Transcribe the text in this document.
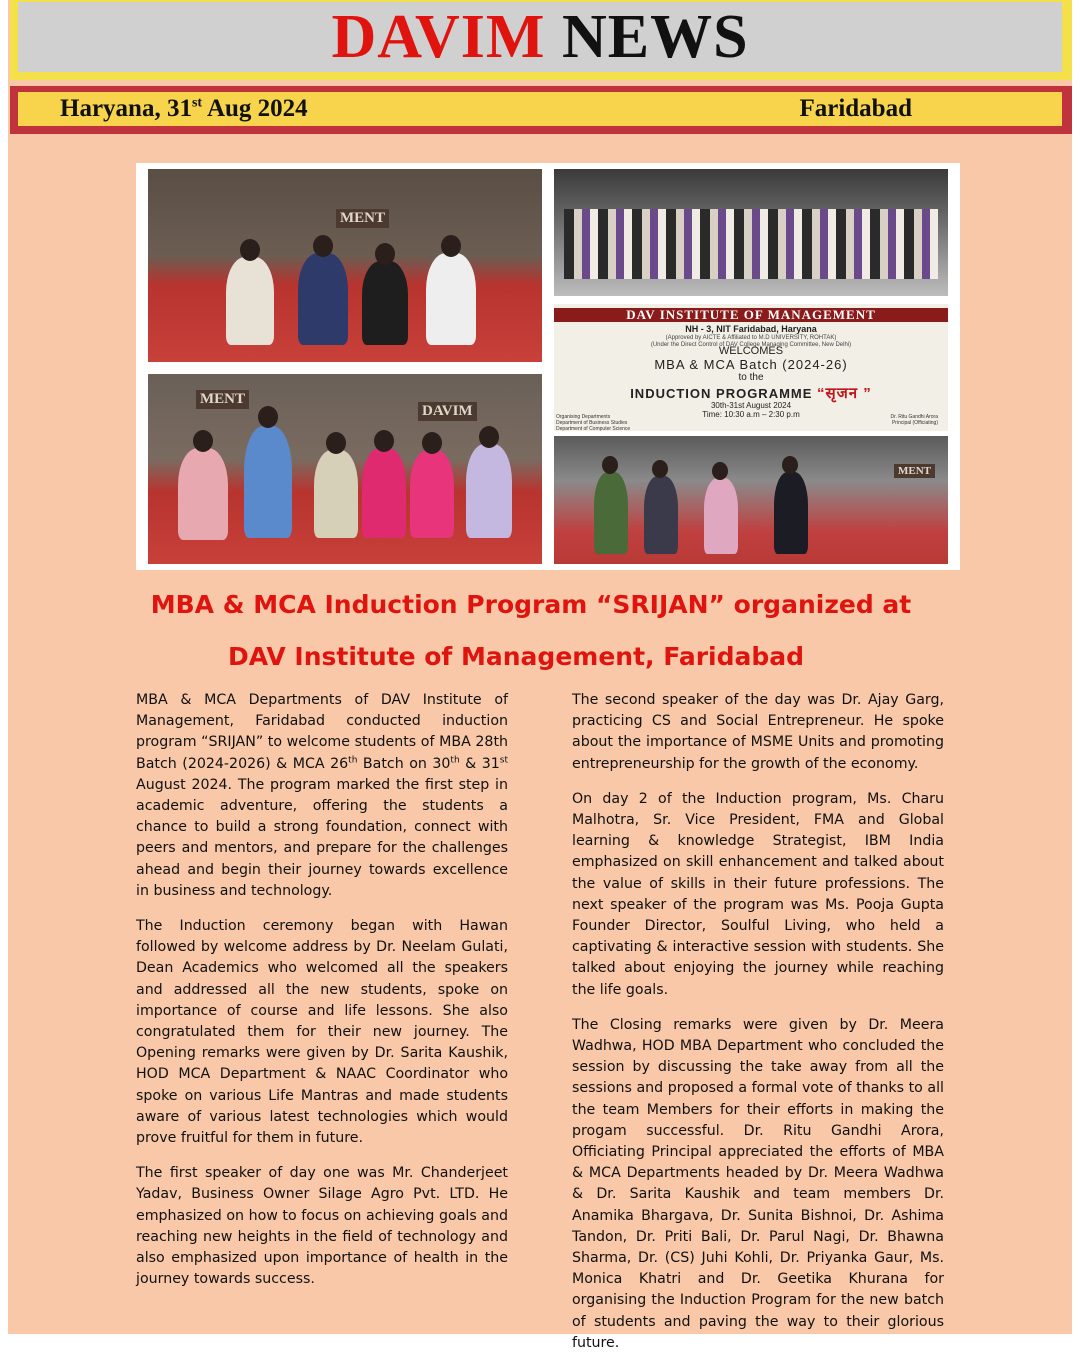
DAVIM NEWS
Haryana, 31st Aug 2024	Faridabad
MENT
DAV INSTITUTE OF MANAGEMENT
NH - 3, NIT Faridabad, Haryana
(Approved by AICTE & Affiliated to M.D UNIVERSITY, ROHTAK)
(Under the Direct Control of DAV College Managing Committee, New Delhi)
WELCOMES
MBA & MCA Batch (2024-26)
to the
INDUCTION PROGRAMME “सृजन ”
30th-31st August 2024
Time: 10:30 a.m – 2:30 p.m
Organising Departments
Department of Business Studies
Department of Computer Science
Dr. Ritu Gandhi Arora
Principal (Officiating)
MENT
DAVIM
MENT
MBA & MCA Induction Program “SRIJAN” organized at
DAV Institute of Management, Faridabad

MBA & MCA Departments of DAV Institute of Management, Faridabad conducted induction program “SRIJAN” to welcome students of MBA 28th Batch (2024-2026) & MCA 26th Batch on 30th & 31st August 2024. The program marked the first step in academic adventure, offering the students a chance to build a strong foundation, connect with peers and mentors, and prepare for the challenges ahead and begin their journey towards excellence in business and technology.

The Induction ceremony began with Hawan followed by welcome address by Dr. Neelam Gulati, Dean Academics who welcomed all the speakers and addressed all the new students, spoke on importance of course and life lessons. She also congratulated them for their new journey. The Opening remarks were given by Dr. Sarita Kaushik, HOD MCA Department & NAAC Coordinator who spoke on various Life Mantras and made students aware of various latest technologies which would prove fruitful for them in future.

The first speaker of day one was Mr. Chanderjeet Yadav, Business Owner Silage Agro Pvt. LTD. He emphasized on how to focus on achieving goals and reaching new heights in the field of technology and also emphasized upon importance of health in the journey towards success.

The second speaker of the day was Dr. Ajay Garg, practicing CS and Social Entrepreneur. He spoke about the importance of MSME Units and promoting entrepreneurship for the growth of the economy.

On day 2 of the Induction program, Ms. Charu Malhotra, Sr. Vice President, FMA and Global learning & knowledge Strategist, IBM India emphasized on skill enhancement and talked about the value of skills in their future professions. The next speaker of the program was Ms. Pooja Gupta Founder Director, Soulful Living, who held a captivating & interactive session with students. She talked about enjoying the journey while reaching the life goals.

The Closing remarks were given by Dr. Meera Wadhwa, HOD MBA Department who concluded the session by discussing the take away from all the sessions and proposed a formal vote of thanks to all the team Members for their efforts in making the progam successful. Dr. Ritu Gandhi Arora, Officiating Principal appreciated the efforts of MBA & MCA Departments headed by Dr. Meera Wadhwa & Dr. Sarita Kaushik and team members Dr. Anamika Bhargava, Dr. Sunita Bishnoi, Dr. Ashima Tandon, Dr. Priti Bali, Dr. Parul Nagi, Dr. Bhawna Sharma, Dr. (CS) Juhi Kohli, Dr. Priyanka Gaur, Ms. Monica Khatri and Dr. Geetika Khurana for organising the Induction Program for the new batch of students and paving the way to their glorious future.
